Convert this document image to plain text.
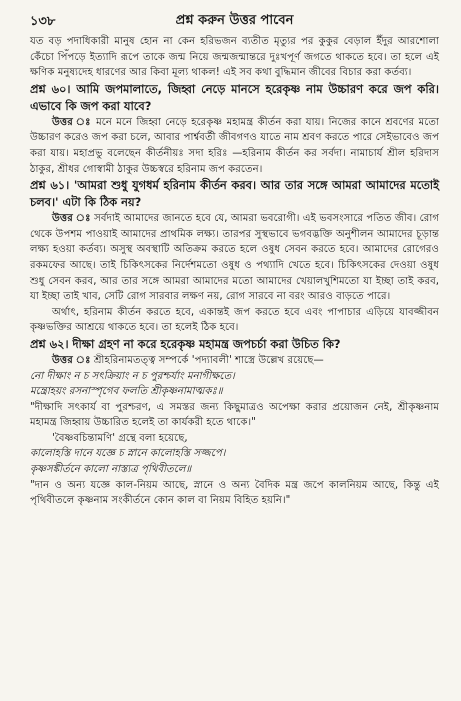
১৩৮	প্রশ্ন করুন উত্তর পাবেন

যত বড় পদাধিকারী মানুষ হোন না কেন হরিভজন ব্যতীত মৃত্যুর পর কুকুর বেড়াল ইঁদুর আরশোলা কেঁচো পিঁপড়ে ইত্যাদি রূপে তাকে জন্ম নিয়ে জন্মজন্মান্তরে দুঃখপূর্ণ জগতে থাকতে হবে। তা হলে এই ক্ষণিক মনুষ্যদেহ ধারণের আর কিবা মূল্য থাকল! এই সব কথা বুদ্ধিমান জীবের বিচার করা কর্তব্য।

প্রশ্ন ৬০। আমি জপমালাতে, জিহ্বা নেড়ে মানসে হরেকৃষ্ণ নাম উচ্চারণ করে জপ করি। এভাবে কি জপ করা যাবে?

উত্তর ঃ মনে মনে জিহ্বা নেড়ে হরেকৃষ্ণ মহামন্ত্র কীর্তন করা যায়। নিজের কানে শ্রবণের মতো উচ্চারণ করেও জপ করা চলে, আবার পার্শ্ববর্তী জীবগণও যাতে নাম শ্রবণ করতে পারে সেইভাবেও জপ করা যায়। মহাপ্রভু বলেছেন কীর্তনীয়ঃ সদা হরিঃ —হরিনাম কীর্তন কর সর্বদা। নামাচার্য শ্রীল হরিদাস ঠাকুর, শ্রীধর গোস্বামী ঠাকুর উচ্চস্বরে হরিনাম জপ করতেন।

প্রশ্ন ৬১। 'আমরা শুধু যুগধর্ম হরিনাম কীর্তন করব। আর তার সঙ্গে আমরা আমাদের মতোই চলব।' এটা কি ঠিক নয়?

উত্তর ঃ সর্বদাই আমাদের জানতে হবে যে, আমরা ভবরোগী। এই ভবসংসারে পতিত জীব। রোগ থেকে উপশম পাওয়াই আমাদের প্রাথমিক লক্ষ্য। তারপর সুস্থভাবে ভগবদ্ভক্তি অনুশীলন আমাদের চূড়ান্ত লক্ষ্য হওয়া কর্তব্য। অসুস্থ অবস্থাটি অতিক্রম করতে হলে ওষুধ সেবন করতে হবে। আমাদের রোগেরও রকমফের আছে। তাই চিকিৎসকের নির্দেশমতো ওষুধ ও পথ্যাদি খেতে হবে। চিকিৎসকের দেওয়া ওষুধ শুধু সেবন করব, আর তার সঙ্গে আমরা আমাদের মতো আমাদের খেয়ালখুশিমতো যা ইচ্ছা তাই করব, যা ইচ্ছা তাই খাব, সেটি রোগ সারবার লক্ষণ নয়, রোগ সারবে না বরং আরও বাড়তে পারে।

অর্থাৎ, হরিনাম কীর্তন করতে হবে, একান্তই জপ করতে হবে এবং পাপাচার এড়িয়ে যাবজ্জীবন কৃষ্ণভক্তির আশ্রয়ে থাকতে হবে। তা হলেই ঠিক হবে।

প্রশ্ন ৬২। দীক্ষা গ্রহণ না করে হরেকৃষ্ণ মহামন্ত্র জপচর্চা করা উচিত কি?

উত্তর ঃ শ্রীহরিনামতত্ত্ব সম্পর্কে 'পদ্যাবলী' শাস্ত্রে উল্লেখ রয়েছে—

নো দীক্ষাং ন চ সৎক্রিয়াং ন চ পুরশ্চর্যাং মনাগীক্ষতে।

মন্ত্রোহয়ং রসনাস্পৃগেব ফলতি শ্রীকৃষ্ণনামাত্মকঃ॥

"দীক্ষাদি সৎকার্য বা পুরশ্চরণ, এ সমস্তর জন্য কিছুমাত্রও অপেক্ষা করার প্রয়োজন নেই, শ্রীকৃষ্ণনাম মহামন্ত্র জিহ্বায় উচ্চারিত হলেই তা কার্যকরী হতে থাকে।"

'বৈষ্ণবচিন্তামণি' গ্রন্থে বলা হয়েছে,

কালোহস্তি দানে যজ্ঞে চ স্নানে কালোহস্তি সজ্জপে।

কৃষ্ণসঙ্কীর্তনে কালো নাস্ত্যত্র পৃথিবীতলে॥

"দান ও অন্য যজ্ঞে কাল-নিয়ম আছে, স্নানে ও অন্য বৈদিক মন্ত্র জপে কালনিয়ম আছে, কিন্তু এই পৃথিবীতলে কৃষ্ণনাম সংকীর্তনে কোন কাল বা নিয়ম বিহিত হয়নি।"
